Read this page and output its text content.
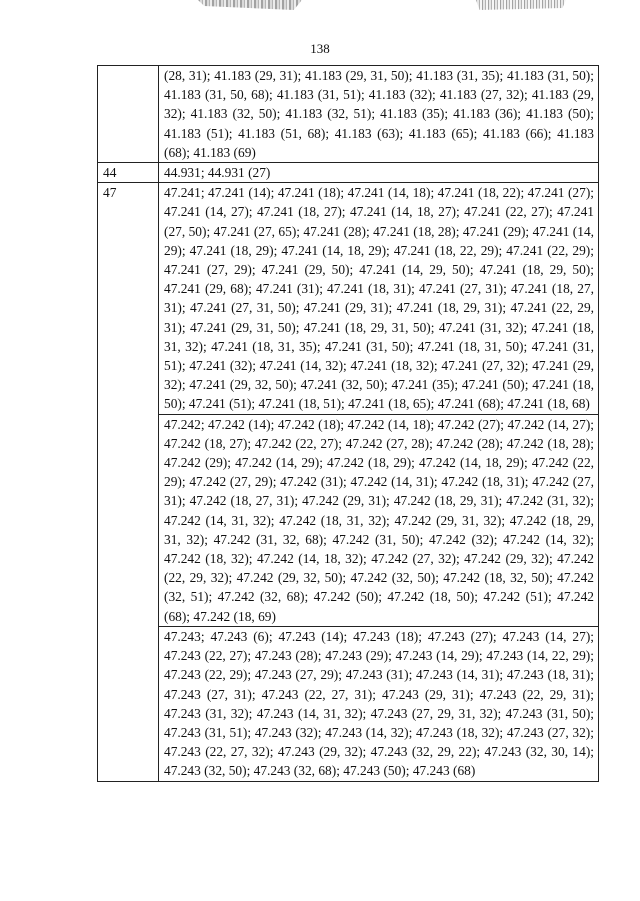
138
	(28, 31); 41.183 (29, 31); 41.183 (29, 31, 50); 41.183 (31, 35); 41.183 (31, 50); 41.183 (31, 50, 68); 41.183 (31, 51); 41.183 (32); 41.183 (27, 32); 41.183 (29, 32); 41.183 (32, 50); 41.183 (32, 51); 41.183 (35); 41.183 (36); 41.183 (50); 41.183 (51); 41.183 (51, 68); 41.183 (63); 41.183 (65); 41.183 (66); 41.183 (68); 41.183 (69)
44	44.931; 44.931 (27)
47	47.241; 47.241 (14); 47.241 (18); 47.241 (14, 18); 47.241 (18, 22); 47.241 (27); 47.241 (14, 27); 47.241 (18, 27); 47.241 (14, 18, 27); 47.241 (22, 27); 47.241 (27, 50); 47.241 (27, 65); 47.241 (28); 47.241 (18, 28); 47.241 (29); 47.241 (14, 29); 47.241 (18, 29); 47.241 (14, 18, 29); 47.241 (18, 22, 29); 47.241 (22, 29); 47.241 (27, 29); 47.241 (29, 50); 47.241 (14, 29, 50); 47.241 (18, 29, 50); 47.241 (29, 68); 47.241 (31); 47.241 (18, 31); 47.241 (27, 31); 47.241 (18, 27, 31); 47.241 (27, 31, 50); 47.241 (29, 31); 47.241 (18, 29, 31); 47.241 (22, 29, 31); 47.241 (29, 31, 50); 47.241 (18, 29, 31, 50); 47.241 (31, 32); 47.241 (18, 31, 32); 47.241 (18, 31, 35); 47.241 (31, 50); 47.241 (18, 31, 50); 47.241 (31, 51); 47.241 (32); 47.241 (14, 32); 47.241 (18, 32); 47.241 (27, 32); 47.241 (29, 32); 47.241 (29, 32, 50); 47.241 (32, 50); 47.241 (35); 47.241 (50); 47.241 (18, 50); 47.241 (51); 47.241 (18, 51); 47.241 (18, 65); 47.241 (68); 47.241 (18, 68)
	47.242; 47.242 (14); 47.242 (18); 47.242 (14, 18); 47.242 (27); 47.242 (14, 27); 47.242 (18, 27); 47.242 (22, 27); 47.242 (27, 28); 47.242 (28); 47.242 (18, 28); 47.242 (29); 47.242 (14, 29); 47.242 (18, 29); 47.242 (14, 18, 29); 47.242 (22, 29); 47.242 (27, 29); 47.242 (31); 47.242 (14, 31); 47.242 (18, 31); 47.242 (27, 31); 47.242 (18, 27, 31); 47.242 (29, 31); 47.242 (18, 29, 31); 47.242 (31, 32); 47.242 (14, 31, 32); 47.242 (18, 31, 32); 47.242 (29, 31, 32); 47.242 (18, 29, 31, 32); 47.242 (31, 32, 68); 47.242 (31, 50); 47.242 (32); 47.242 (14, 32); 47.242 (18, 32); 47.242 (14, 18, 32); 47.242 (27, 32); 47.242 (29, 32); 47.242 (22, 29, 32); 47.242 (29, 32, 50); 47.242 (32, 50); 47.242 (18, 32, 50); 47.242 (32, 51); 47.242 (32, 68); 47.242 (50); 47.242 (18, 50); 47.242 (51); 47.242 (68); 47.242 (18, 69)
	47.243; 47.243 (6); 47.243 (14); 47.243 (18); 47.243 (27); 47.243 (14, 27); 47.243 (22, 27); 47.243 (28); 47.243 (29); 47.243 (14, 29); 47.243 (14, 22, 29); 47.243 (22, 29); 47.243 (27, 29); 47.243 (31); 47.243 (14, 31); 47.243 (18, 31); 47.243 (27, 31); 47.243 (22, 27, 31); 47.243 (29, 31); 47.243 (22, 29, 31); 47.243 (31, 32); 47.243 (14, 31, 32); 47.243 (27, 29, 31, 32); 47.243 (31, 50); 47.243 (31, 51); 47.243 (32); 47.243 (14, 32); 47.243 (18, 32); 47.243 (27, 32); 47.243 (22, 27, 32); 47.243 (29, 32); 47.243 (32, 29, 22); 47.243 (32, 30, 14); 47.243 (32, 50); 47.243 (32, 68); 47.243 (50); 47.243 (68)
